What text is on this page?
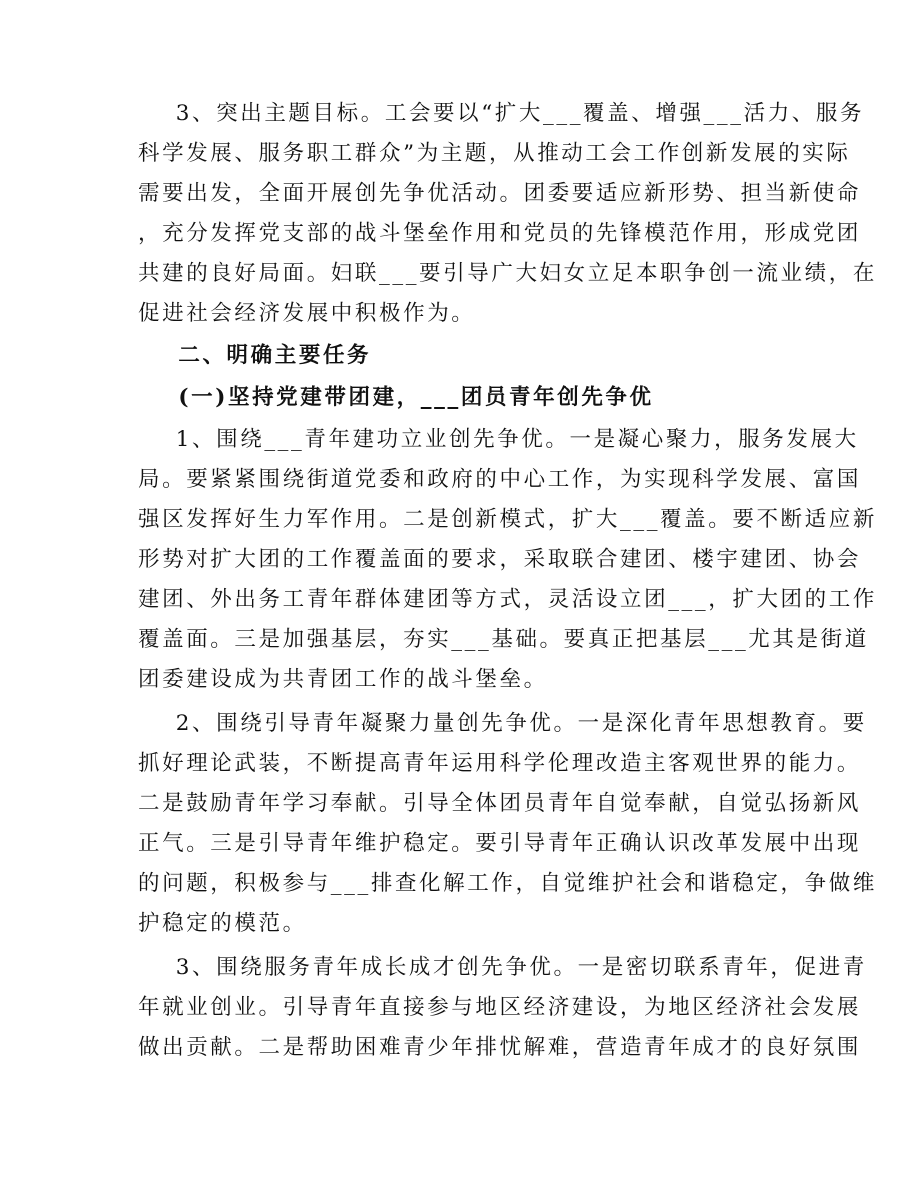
3、突出主题目标。工会要以“扩大___覆盖、增强___活力、服务
科学发展、服务职工群众”为主题，从推动工会工作创新发展的实际
需要出发，全面开展创先争优活动。团委要适应新形势、担当新使命
，充分发挥党支部的战斗堡垒作用和党员的先锋模范作用，形成党团
共建的良好局面。妇联___要引导广大妇女立足本职争创一流业绩，在
促进社会经济发展中积极作为。
二、明确主要任务
(一)坚持党建带团建，___团员青年创先争优
1、围绕___青年建功立业创先争优。一是凝心聚力，服务发展大
局。要紧紧围绕街道党委和政府的中心工作，为实现科学发展、富国
强区发挥好生力军作用。二是创新模式，扩大___覆盖。要不断适应新
形势对扩大团的工作覆盖面的要求，采取联合建团、楼宇建团、协会
建团、外出务工青年群体建团等方式，灵活设立团___，扩大团的工作
覆盖面。三是加强基层，夯实___基础。要真正把基层___尤其是街道
团委建设成为共青团工作的战斗堡垒。
2、围绕引导青年凝聚力量创先争优。一是深化青年思想教育。要
抓好理论武装，不断提高青年运用科学伦理改造主客观世界的能力。
二是鼓励青年学习奉献。引导全体团员青年自觉奉献，自觉弘扬新风
正气。三是引导青年维护稳定。要引导青年正确认识改革发展中出现
的问题，积极参与___排查化解工作，自觉维护社会和谐稳定，争做维
护稳定的模范。
3、围绕服务青年成长成才创先争优。一是密切联系青年，促进青
年就业创业。引导青年直接参与地区经济建设，为地区经济社会发展
做出贡献。二是帮助困难青少年排忧解难，营造青年成才的良好氛围
